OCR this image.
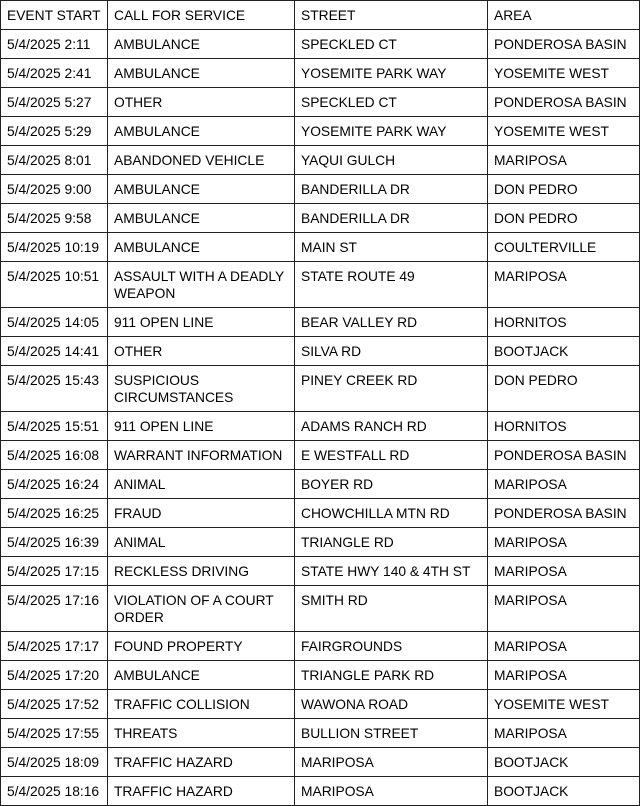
EVENT START	CALL FOR SERVICE	STREET	AREA
5/4/2025 2:11	AMBULANCE	SPECKLED CT	PONDEROSA BASIN
5/4/2025 2:41	AMBULANCE	YOSEMITE PARK WAY	YOSEMITE WEST
5/4/2025 5:27	OTHER	SPECKLED CT	PONDEROSA BASIN
5/4/2025 5:29	AMBULANCE	YOSEMITE PARK WAY	YOSEMITE WEST
5/4/2025 8:01	ABANDONED VEHICLE	YAQUI GULCH	MARIPOSA
5/4/2025 9:00	AMBULANCE	BANDERILLA DR	DON PEDRO
5/4/2025 9:58	AMBULANCE	BANDERILLA DR	DON PEDRO
5/4/2025 10:19	AMBULANCE	MAIN ST	COULTERVILLE
5/4/2025 10:51	ASSAULT WITH A DEADLY WEAPON	STATE ROUTE 49	MARIPOSA
5/4/2025 14:05	911 OPEN LINE	BEAR VALLEY RD	HORNITOS
5/4/2025 14:41	OTHER	SILVA RD	BOOTJACK
5/4/2025 15:43	SUSPICIOUS CIRCUMSTANCES	PINEY CREEK RD	DON PEDRO
5/4/2025 15:51	911 OPEN LINE	ADAMS RANCH RD	HORNITOS
5/4/2025 16:08	WARRANT INFORMATION	E WESTFALL RD	PONDEROSA BASIN
5/4/2025 16:24	ANIMAL	BOYER RD	MARIPOSA
5/4/2025 16:25	FRAUD	CHOWCHILLA MTN RD	PONDEROSA BASIN
5/4/2025 16:39	ANIMAL	TRIANGLE RD	MARIPOSA
5/4/2025 17:15	RECKLESS DRIVING	STATE HWY 140 & 4TH ST	MARIPOSA
5/4/2025 17:16	VIOLATION OF A COURT ORDER	SMITH RD	MARIPOSA
5/4/2025 17:17	FOUND PROPERTY	FAIRGROUNDS	MARIPOSA
5/4/2025 17:20	AMBULANCE	TRIANGLE PARK RD	MARIPOSA
5/4/2025 17:52	TRAFFIC COLLISION	WAWONA ROAD	YOSEMITE WEST
5/4/2025 17:55	THREATS	BULLION STREET	MARIPOSA
5/4/2025 18:09	TRAFFIC HAZARD	MARIPOSA	BOOTJACK
5/4/2025 18:16	TRAFFIC HAZARD	MARIPOSA	BOOTJACK
